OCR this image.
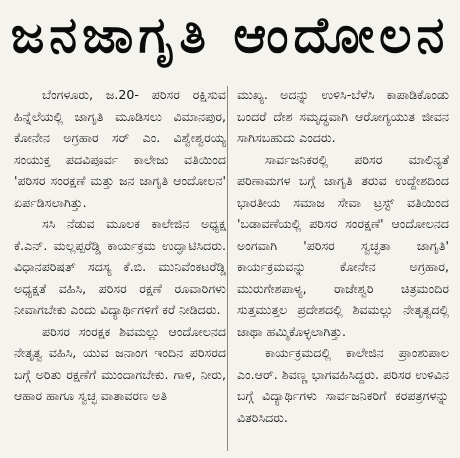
ಜನಜಾಗೃತಿ ಆಂದೋಲನ

ಬೆಂಗಳೂರು, ಜ.20- ಪರಿಸರ ರಕ್ಷಿಸುವ ಹಿನ್ನೆಲೆಯಲ್ಲಿ ಜಾಗೃತಿ ಮೂಡಿಸಲು ವಿಮಾನಪುರ, ಕೋನೇನ ಅಗ್ರಹಾರ ಸರ್ ಎಂ. ವಿಶ್ವೇಶ್ವರಯ್ಯ ಸಂಯುಕ್ತ ಪದವಿಪೂರ್ವ ಕಾಲೇಜು ವತಿಯಿಂದ 'ಪರಿಸರ ಸಂರಕ್ಷಣೆ ಮತ್ತು ಜನ ಜಾಗೃತಿ ಆಂದೋಲನ' ಏರ್ಪಡಿಸಲಾಗಿತ್ತು.

ಸಸಿ ನೆಡುವ ಮೂಲಕ ಕಾಲೇಜಿನ ಅಧ್ಯಕ್ಷ ಕೆ.ಎನ್. ಮಲ್ಲಪ್ಪರೆಡ್ಡಿ ಕಾರ್ಯಕ್ರಮ ಉದ್ಘಾಟಿಸಿದರು. ವಿಧಾನಪರಿಷತ್ ಸದಸ್ಯ ಕೆ.ಬಿ. ಮುನಿವೆಂಕಟರೆಡ್ಡಿ ಅಧ್ಯಕ್ಷತೆ ವಹಿಸಿ, ಪರಿಸರ ರಕ್ಷಣೆ ರೂವಾರಿಗಳು ನೀವಾಗಬೇಕು ಎಂದು ವಿದ್ಯಾರ್ಥಿಗಳಿಗೆ ಕರೆ ನೀಡಿದರು.

ಪರಿಸರ ಸಂರಕ್ಷಕ ಶಿವಮಲ್ಲು ಆಂದೋಲನದ ನೇತೃತ್ವ ವಹಿಸಿ, ಯುವ ಜನಾಂಗ ಇಂದಿನ ಪರಿಸರದ ಬಗ್ಗೆ ಅರಿತು ರಕ್ಷಣೆಗೆ ಮುಂದಾಗಬೇಕು. ಗಾಳಿ, ನೀರು, ಆಹಾರ ಹಾಗೂ ಸ್ವಚ್ಛ ವಾತಾವರಣ ಅತಿ

ಮುಖ್ಯ. ಅದನ್ನು ಉಳಿಸಿ-ಬೆಳೆಸಿ ಕಾಪಾಡಿಕೊಂಡು ಬಂದರೆ ದೇಶ ಸಮೃದ್ಧವಾಗಿ ಆರೋಗ್ಯಯುತ ಜೀವನ ಸಾಗಿಸಬಹುದು ಎಂದರು.

ಸಾರ್ವಜನಿಕರಲ್ಲಿ ಪರಿಸರ ಮಾಲಿನ್ಯತೆ ಪರಿಣಾಮಗಳ ಬಗ್ಗೆ ಜಾಗೃತಿ ತರುವ ಉದ್ದೇಶದಿಂದ ಭಾರತೀಯ ಸಮಾಜ ಸೇವಾ ಟ್ರಸ್ಟ್ ವತಿಯಿಂದ 'ಬಡಾವಣೆಯಲ್ಲಿ ಪರಿಸರ ಸಂರಕ್ಷಣೆ' ಆಂದೋಲನದ ಅಂಗವಾಗಿ 'ಪರಿಸರ ಸ್ವಚ್ಛತಾ ಜಾಗೃತಿ' ಕಾರ್ಯಕ್ರಮವನ್ನು ಕೋನೇನ ಅಗ್ರಹಾರ, ಮುರುಗೇಶಪಾಳ್ಯ, ರಾಜೇಶ್ವರಿ ಚಿತ್ರಮಂದಿರ ಸುತ್ತಮುತ್ತಲ ಪ್ರದೇಶದಲ್ಲಿ ಶಿವಮಲ್ಲು ನೇತೃತ್ವದಲ್ಲಿ ಜಾಥಾ ಹಮ್ಮಿಕೊಳ್ಳಲಾಗಿತ್ತು.

ಕಾರ್ಯಕ್ರಮದಲ್ಲಿ ಕಾಲೇಜಿನ ಪ್ರಾಂಶುಪಾಲ ಎಂ.ಆರ್. ಶಿವಣ್ಣ ಭಾಗವಹಿಸಿದ್ದರು. ಪರಿಸರ ಉಳಿವಿನ ಬಗ್ಗೆ ವಿದ್ಯಾರ್ಥಿಗಳು ಸಾರ್ವಜನಿಕರಿಗೆ ಕರಪತ್ರಗಳನ್ನು ವಿತರಿಸಿದರು.
